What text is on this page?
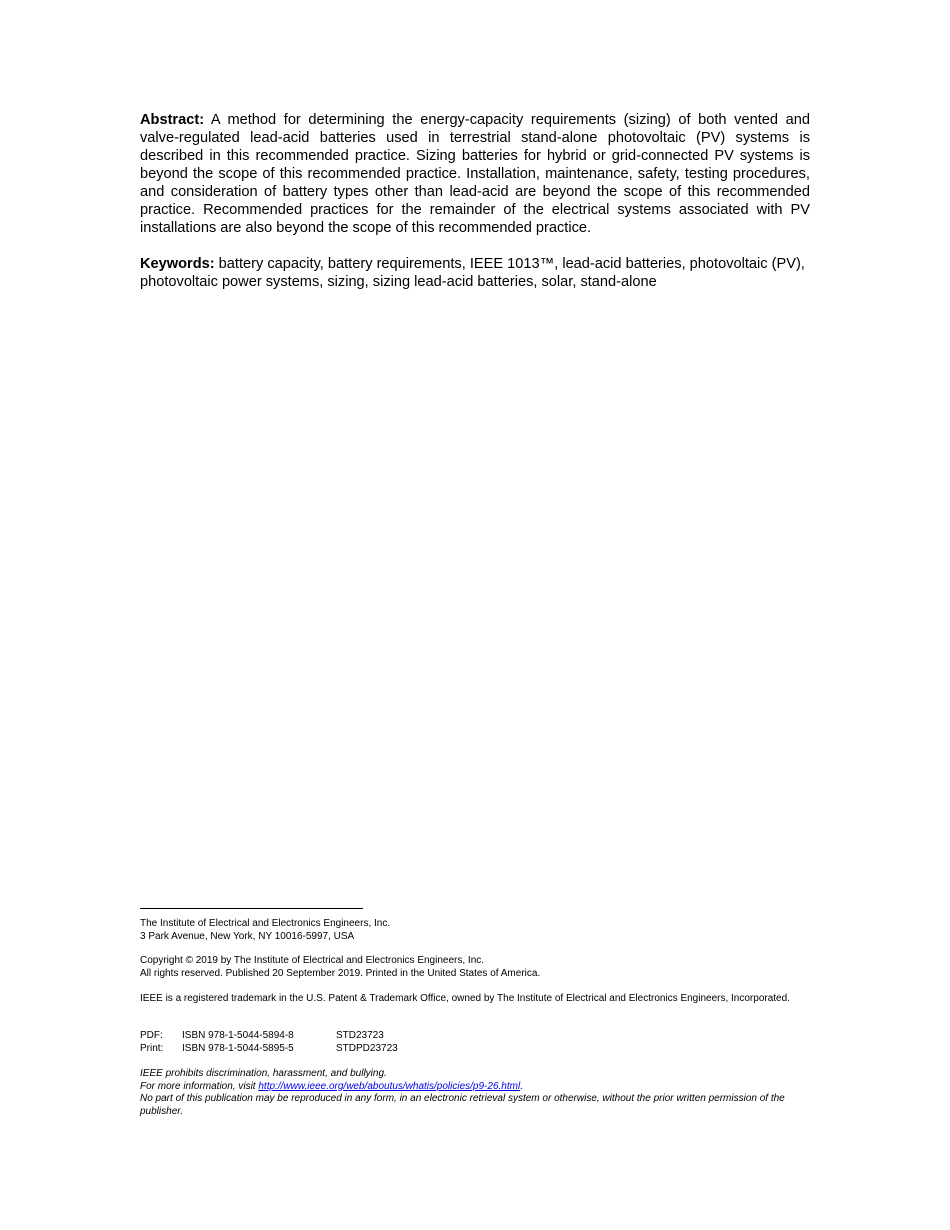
Abstract: A method for determining the energy-capacity requirements (sizing) of both vented and valve-regulated lead-acid batteries used in terrestrial stand-alone photovoltaic (PV) systems is described in this recommended practice. Sizing batteries for hybrid or grid-connected PV systems is beyond the scope of this recommended practice. Installation, maintenance, safety, testing procedures, and consideration of battery types other than lead-acid are beyond the scope of this recommended practice. Recommended practices for the remainder of the electrical systems associated with PV installations are also beyond the scope of this recommended practice.

Keywords: battery capacity, battery requirements, IEEE 1013™, lead-acid batteries, photovoltaic (PV), photovoltaic power systems, sizing, sizing lead-acid batteries, solar, stand-alone

The Institute of Electrical and Electronics Engineers, Inc.
3 Park Avenue, New York, NY 10016-5997, USA
Copyright © 2019 by The Institute of Electrical and Electronics Engineers, Inc.
All rights reserved. Published 20 September 2019. Printed in the United States of America.
IEEE is a registered trademark in the U.S. Patent & Trademark Office, owned by The Institute of Electrical and Electronics Engineers, Incorporated.
PDF: ISBN 978-1-5044-5894-8	STD23723
Print: ISBN 978-1-5044-5895-5	STDPD23723
IEEE prohibits discrimination, harassment, and bullying.
For more information, visit http://www.ieee.org/web/aboutus/whatis/policies/p9-26.html.
No part of this publication may be reproduced in any form, in an electronic retrieval system or otherwise, without the prior written permission of the publisher.
